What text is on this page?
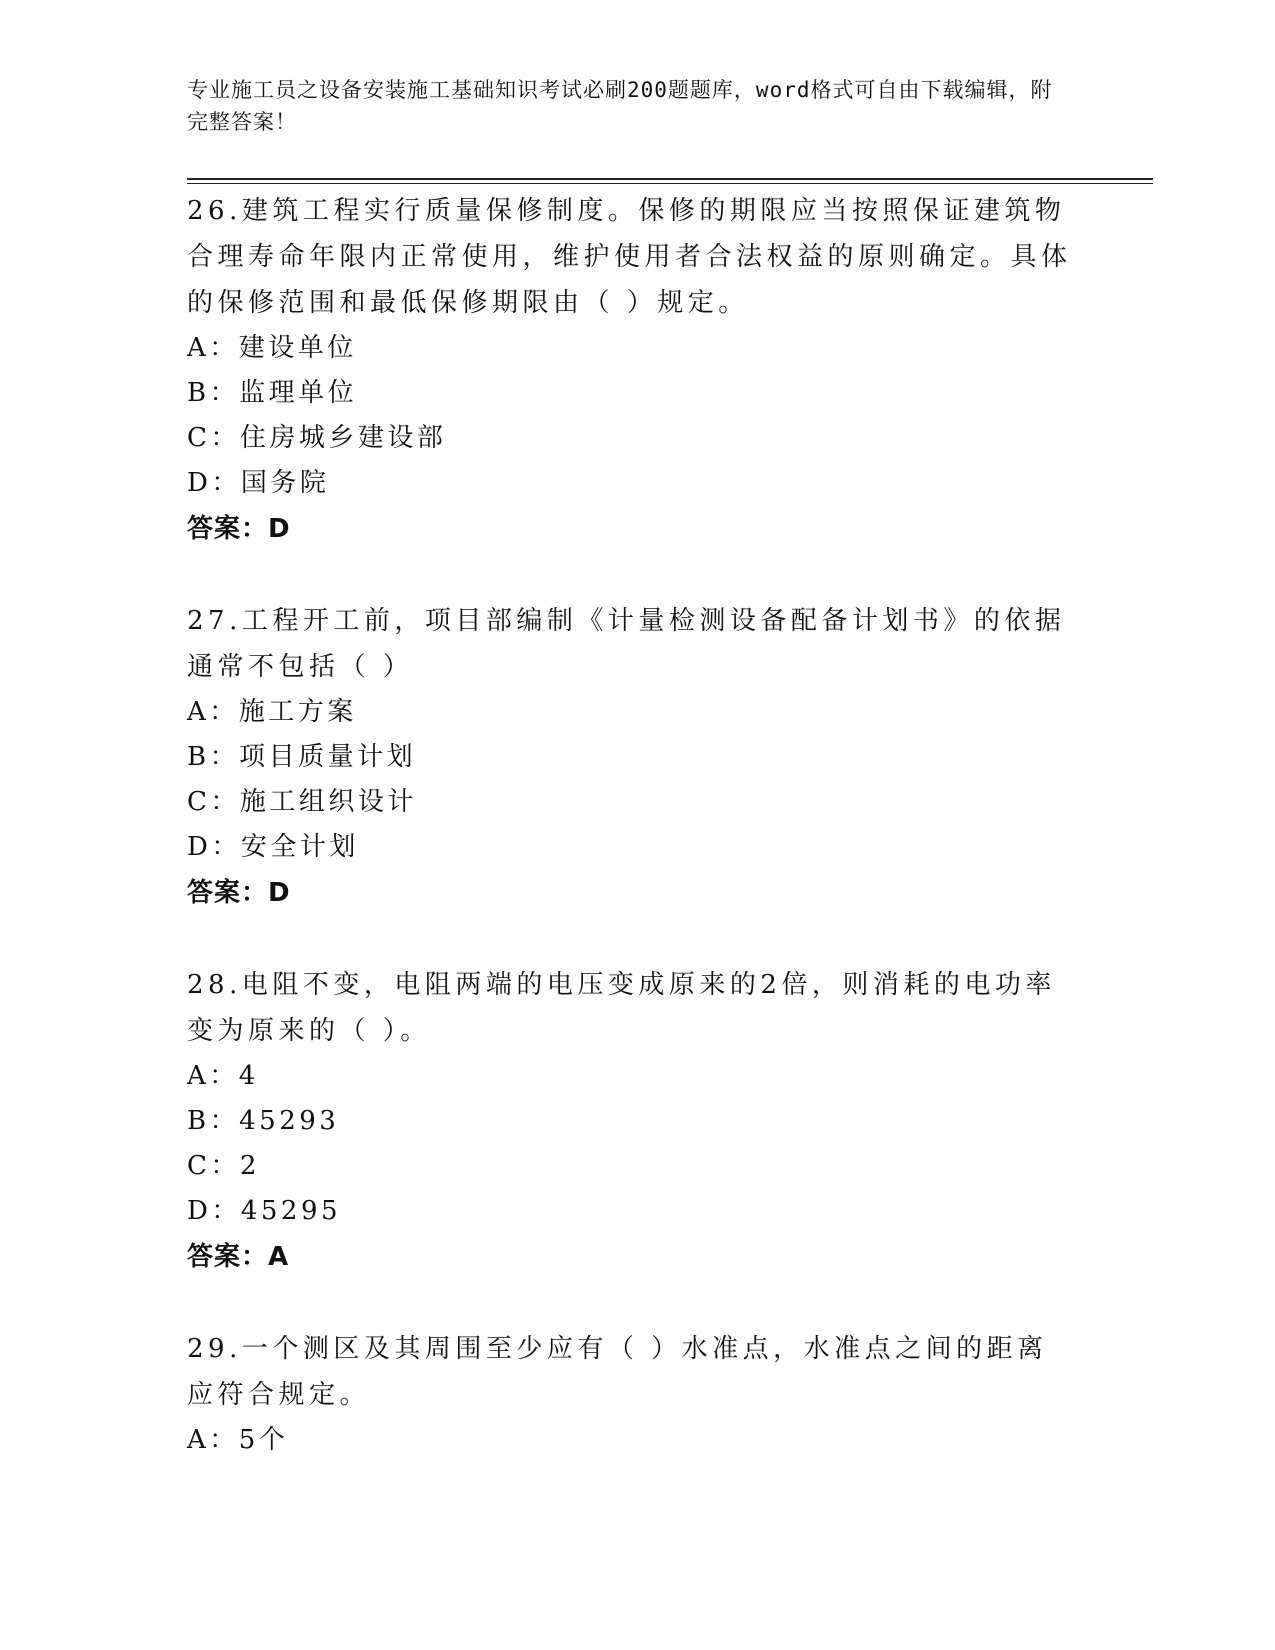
专业施工员之设备安装施工基础知识考试必刷200题题库，word格式可自由下载编辑，附完整答案！
26.建筑工程实行质量保修制度。保修的期限应当按照保证建筑物合理寿命年限内正常使用，维护使用者合法权益的原则确定。具体的保修范围和最低保修期限由（ ）规定。
A：建设单位
B：监理单位
C：住房城乡建设部
D：国务院
答案：D
27.工程开工前，项目部编制《计量检测设备配备计划书》的依据通常不包括（ ）
A：施工方案
B：项目质量计划
C：施工组织设计
D：安全计划
答案：D
28.电阻不变，电阻两端的电压变成原来的2倍，则消耗的电功率变为原来的（ ）。
A：4
B：45293
C：2
D：45295
答案：A
29.一个测区及其周围至少应有（ ）水准点，水准点之间的距离应符合规定。
A：5个
